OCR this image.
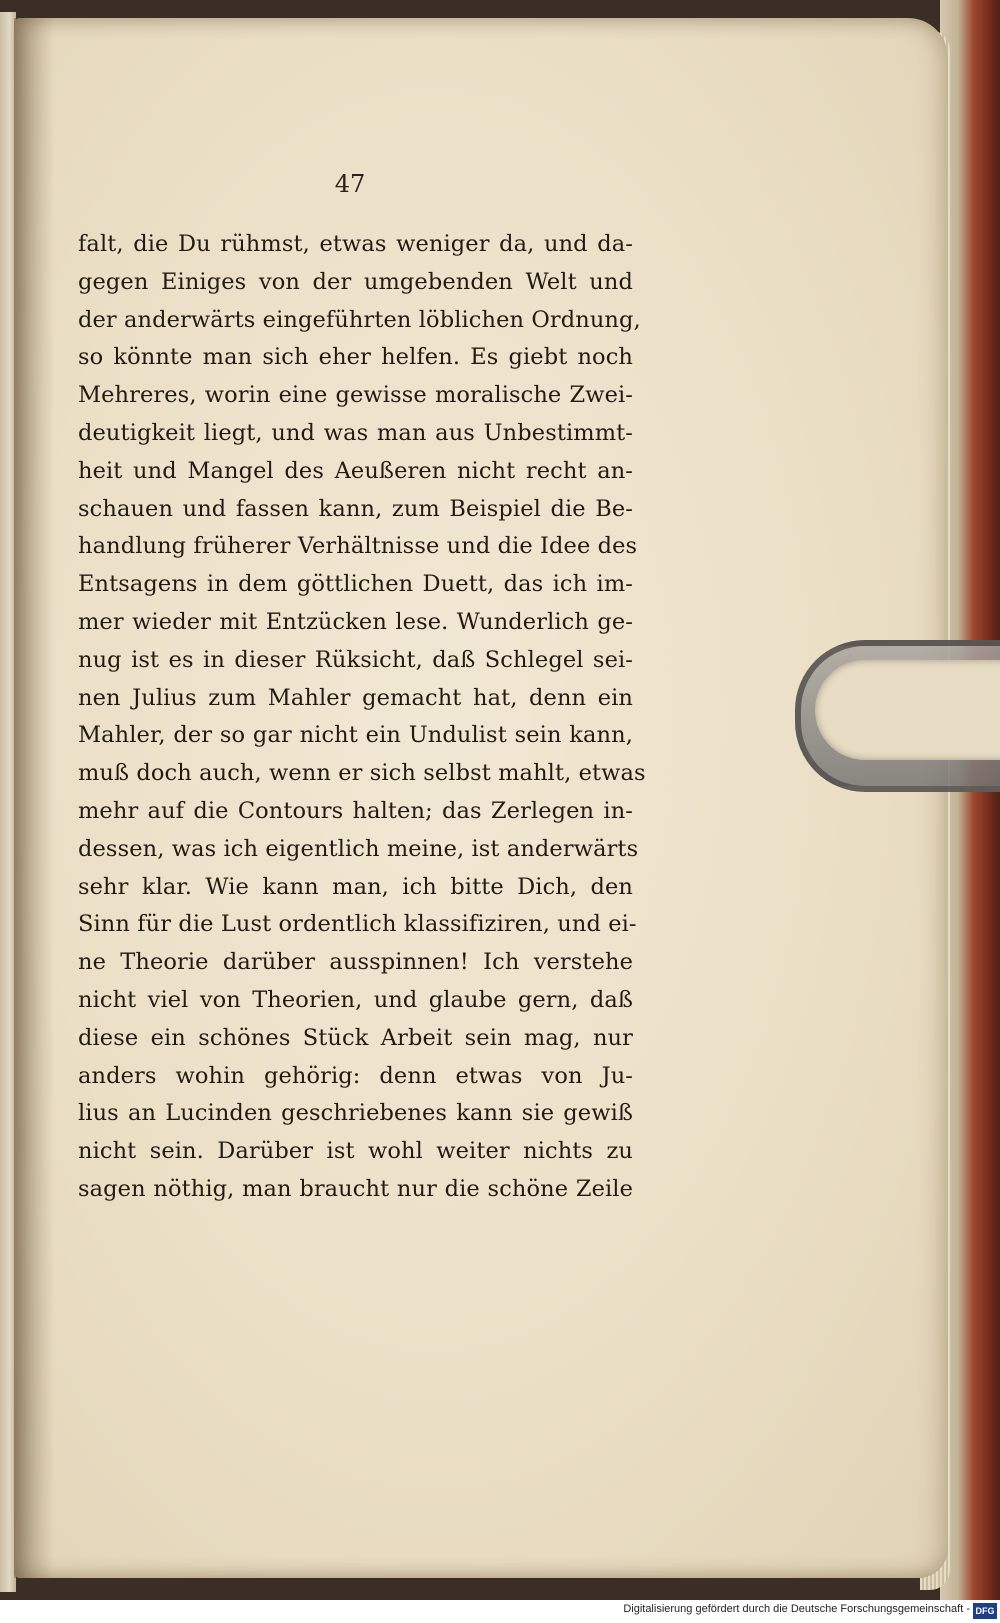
47
falt, die Du rühmst, etwas weniger da, und da-
gegen Einiges von der umgebenden Welt und
der anderwärts eingeführten löblichen Ordnung,
so könnte man sich eher helfen. Es giebt noch
Mehreres, worin eine gewisse moralische Zwei-
deutigkeit liegt, und was man aus Unbestimmt-
heit und Mangel des Aeußeren nicht recht an-
schauen und fassen kann, zum Beispiel die Be-
handlung früherer Verhältnisse und die Idee des
Entsagens in dem göttlichen Duett, das ich im-
mer wieder mit Entzücken lese. Wunderlich ge-
nug ist es in dieser Rüksicht, daß Schlegel sei-
nen Julius zum Mahler gemacht hat, denn ein
Mahler, der so gar nicht ein Undulist sein kann,
muß doch auch, wenn er sich selbst mahlt, etwas
mehr auf die Contours halten; das Zerlegen in-
dessen, was ich eigentlich meine, ist anderwärts
sehr klar. Wie kann man, ich bitte Dich, den
Sinn für die Lust ordentlich klassifiziren, und ei-
ne Theorie darüber ausspinnen! Ich verstehe
nicht viel von Theorien, und glaube gern, daß
diese ein schönes Stück Arbeit sein mag, nur
anders wohin gehörig: denn etwas von Ju-
lius an Lucinden geschriebenes kann sie gewiß
nicht sein. Darüber ist wohl weiter nichts zu
sagen nöthig, man braucht nur die schöne Zeile
Digitalisierung gefördert durch die Deutsche Forschungsgemeinschaft - DFG
